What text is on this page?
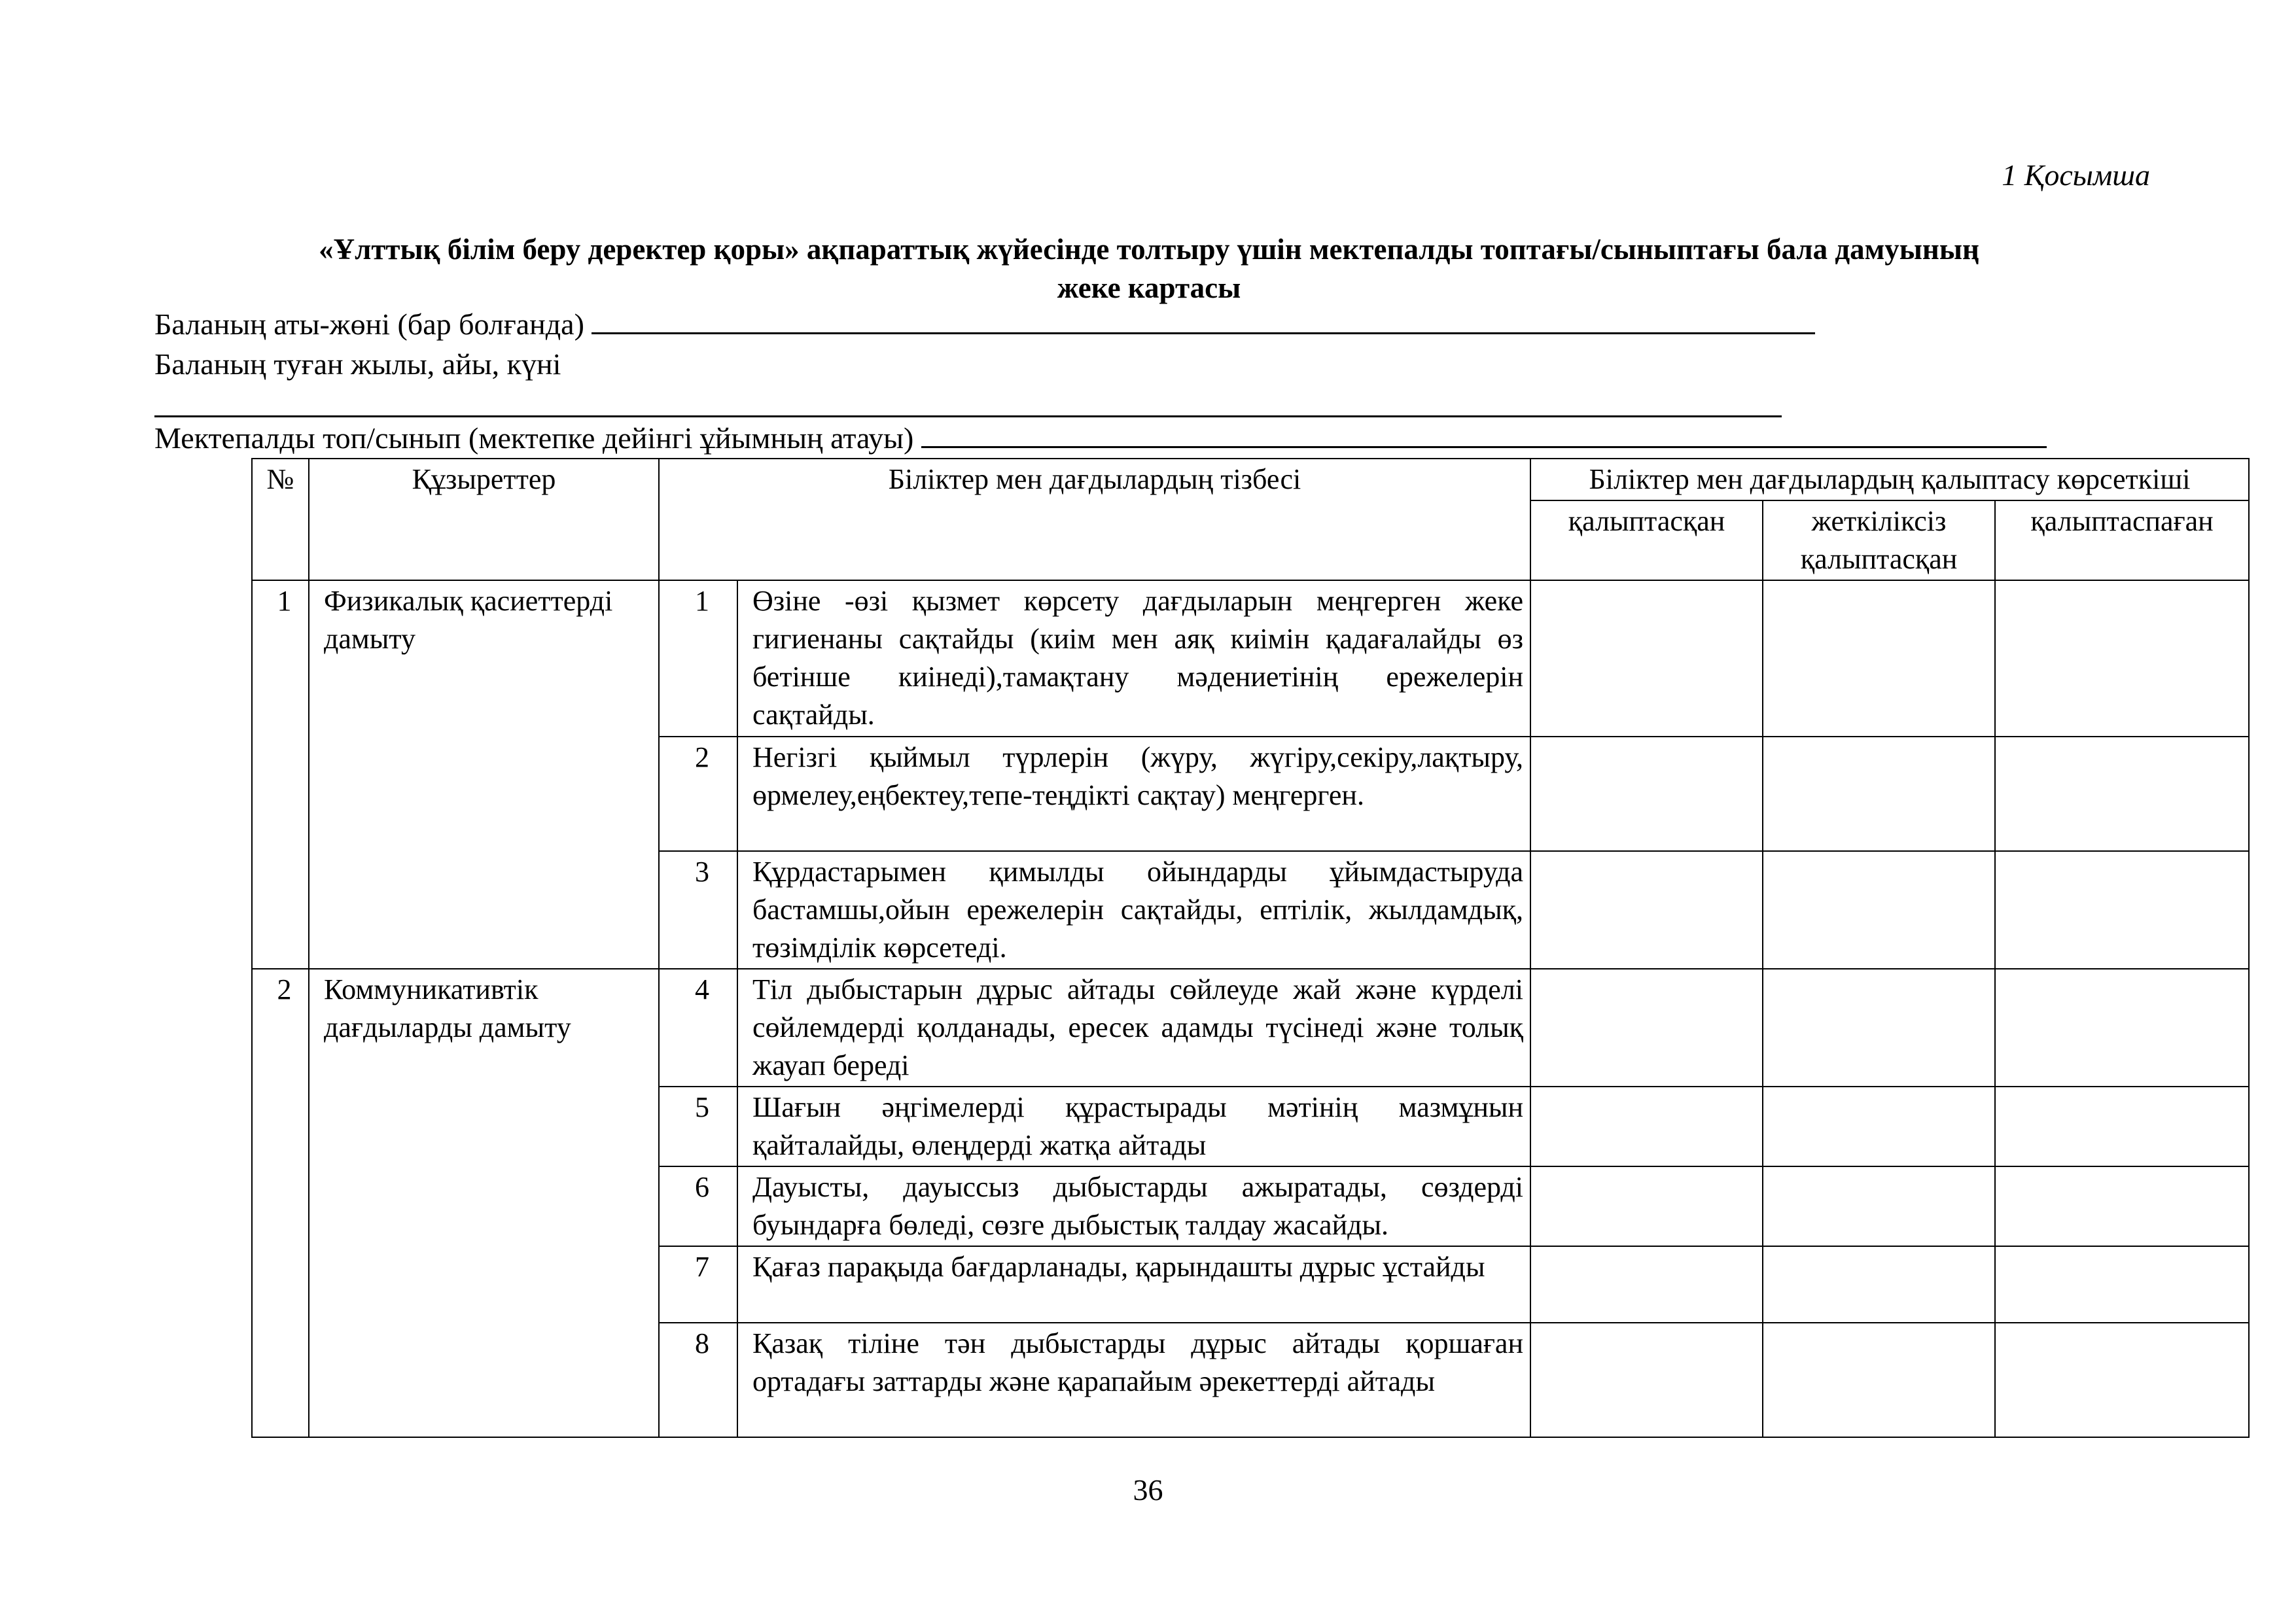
1 Қосымша
«Ұлттық білім беру деректер қоры» ақпараттық жүйесінде толтыру үшін мектепалды топтағы/сыныптағы бала дамуының
жеке картасы
Баланың аты-жөні (бар болғанда)
Баланың туған жылы, айы, күні
Мектепалды топ/сынып (мектепке дейінгі ұйымның атауы)
№	Құзыреттер	Біліктер мен дағдылардың тізбесі		Біліктер мен дағдылардың қалыптасу көрсеткіші		
				қалыптасқан	жеткіліксіз қалыптасқан	қалыптаспаған
1	Физикалық қасиеттерді дамыту	1	Өзіне -өзі қызмет көрсету дағдыларын меңгерген жеке гигиенаны сақтайды (киім мен аяқ киімін қадағалайды өз бетінше киінеді),тамақтану мәдениетінің ережелерін сақтайды.			
		2	Негізгі қыймыл түрлерін (жүру, жүгіру,секіру,лақтыру, өрмелеу,еңбектеу,тепе-теңдікті сақтау) меңгерген.			
		3	Құрдастарымен қимылды ойындарды ұйымдастыруда бастамшы,ойын ережелерін сақтайды, ептілік, жылдамдық, төзімділік көрсетеді.			
2	Коммуникативтік дағдыларды дамыту	4	Тіл дыбыстарын дұрыс айтады сөйлеуде жай және күрделі сөйлемдерді қолданады, ересек адамды түсінеді және толық жауап береді			
		5	Шағын әңгімелерді құрастырады мәтінің мазмұнын қайталайды, өлеңдерді жатқа айтады			
		6	Дауысты, дауыссыз дыбыстарды ажыратады, сөздерді буындарға бөледі, сөзге дыбыстық талдау жасайды.			
		7	Қағаз парақыда бағдарланады, қарындашты дұрыс ұстайды			
		8	Қазақ тіліне тән дыбыстарды дұрыс айтады қоршаған ортадағы заттарды және қарапайым әрекеттерді айтады			
36
